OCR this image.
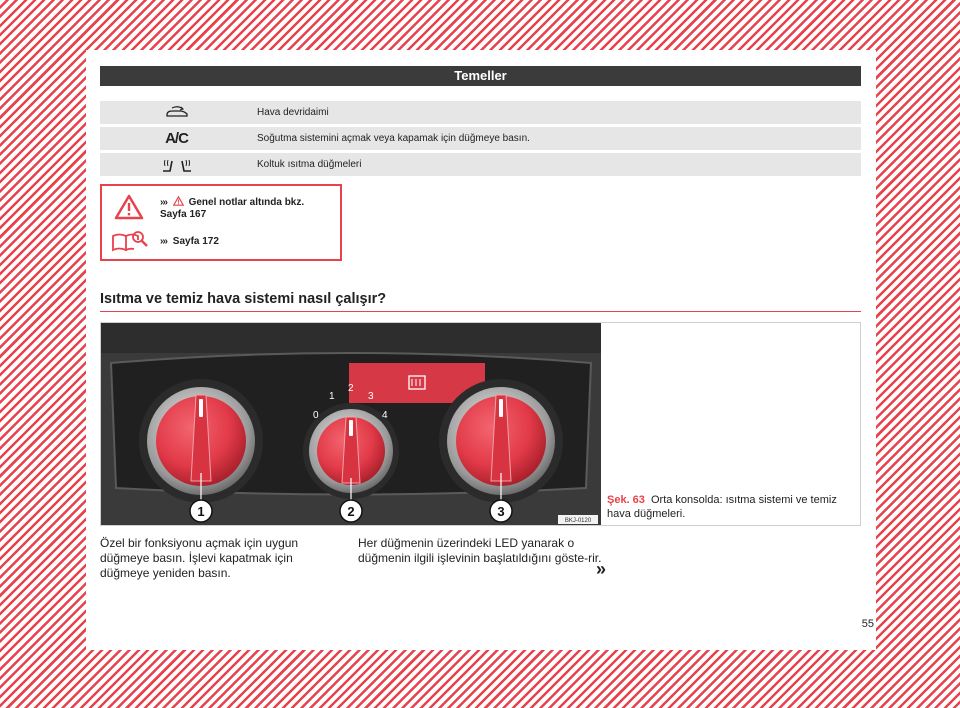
Temeller
Hava devridaimi
A/C	Soğutma sistemini açmak veya kapamak için düğmeye basın.
Koltuk ısıtma düğmeleri
››› Genel notlar altında bkz.
Sayfa 167
››› Sayfa 172
Isıtma ve temiz hava sistemi nasıl çalışır?
0
1
2
3
4
1	2	3
BKJ-0120
Şek. 63 Orta konsolda: ısıtma sistemi ve temiz hava düğmeleri.
Özel bir fonksiyonu açmak için uygun düğmeye basın. İşlevi kapatmak için düğmeye yeniden basın.
Her düğmenin üzerindeki LED yanarak o düğmenin ilgili işlevinin başlatıldığını göste-rir.
»
55
